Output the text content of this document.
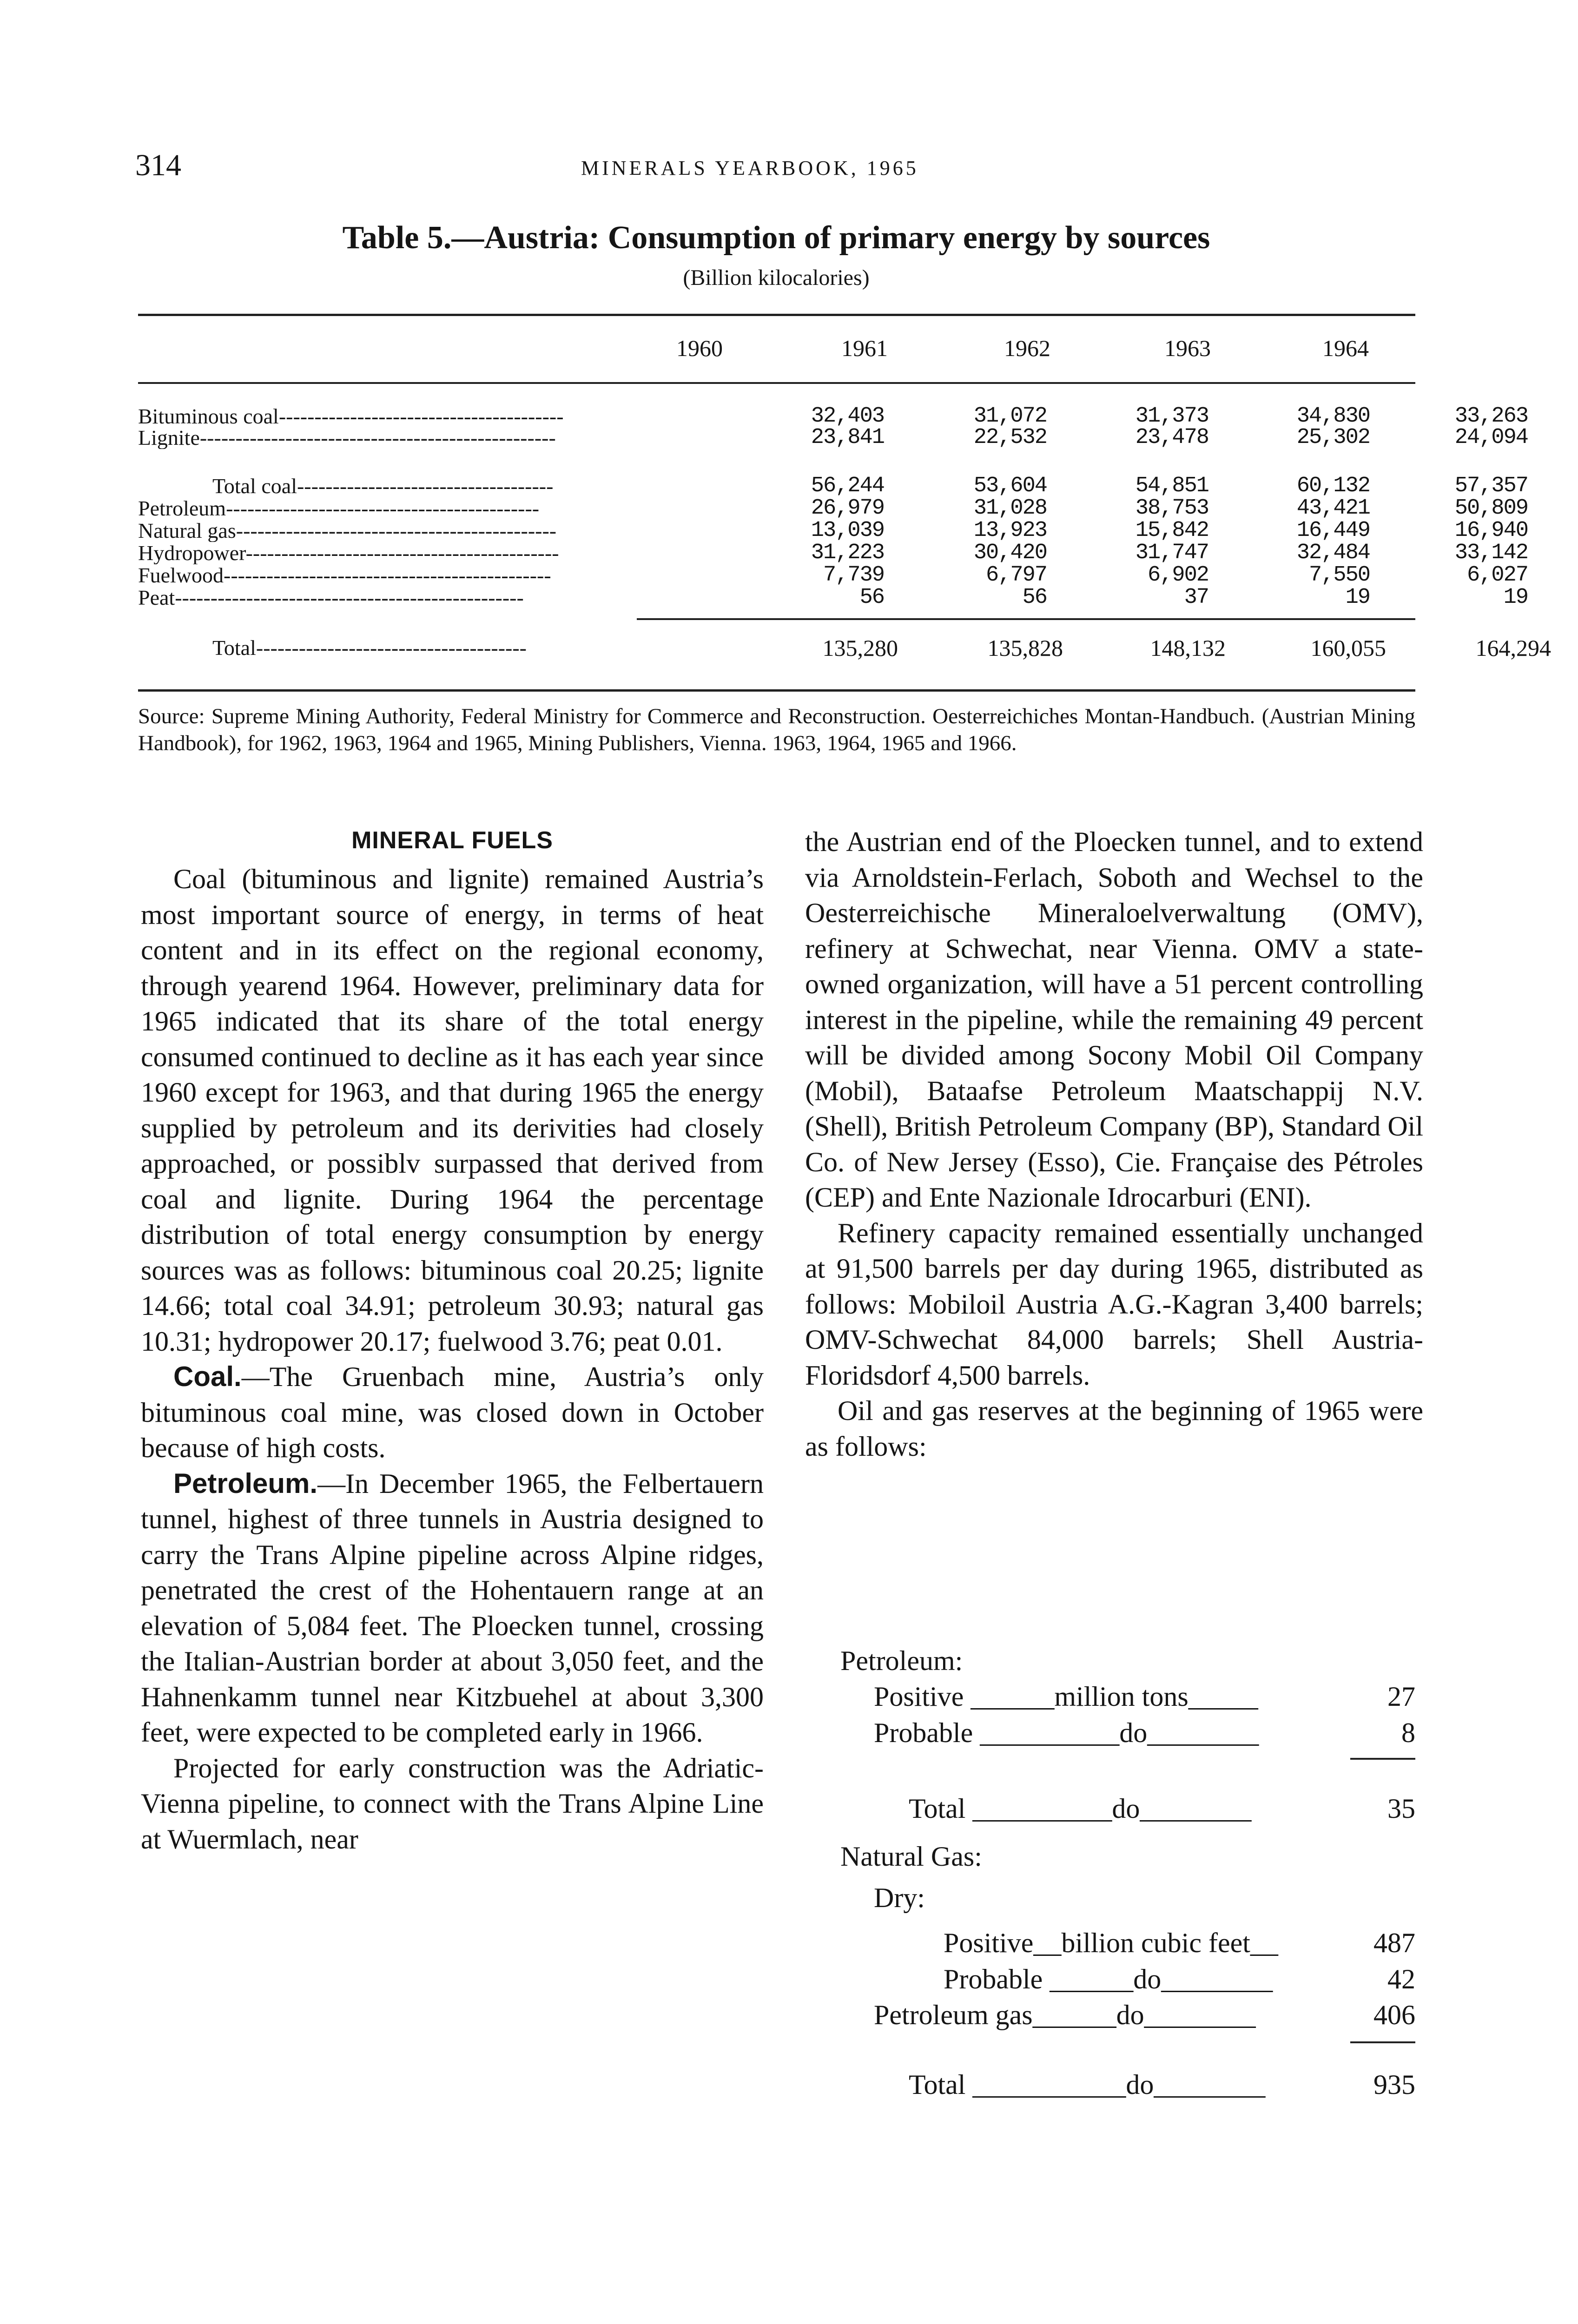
314	MINERALS YEARBOOK, 1965
Table 5.—Austria: Consumption of primary energy by sources
(Billion kilocalories)
1960	1961	1962	1963	1964
Bituminous coal----------------------------------------	32,403	31,072	31,373	34,830	33,263
Lignite--------------------------------------------------	23,841	22,532	23,478	25,302	24,094
Total coal------------------------------------	56,244	53,604	54,851	60,132	57,357
Petroleum--------------------------------------------	26,979	31,028	38,753	43,421	50,809
Natural gas---------------------------------------------	13,039	13,923	15,842	16,449	16,940
Hydropower--------------------------------------------	31,223	30,420	31,747	32,484	33,142
Fuelwood----------------------------------------------	7,739	6,797	6,902	7,550	6,027
Peat-------------------------------------------------	56	56	37	19	19
Total--------------------------------------	135,280	135,828	148,132	160,055	164,294
Source: Supreme Mining Authority, Federal Ministry for Commerce and Reconstruction. Oesterreichiches Montan-Handbuch. (Austrian Mining Handbook), for 1962, 1963, 1964 and 1965, Mining Publishers, Vienna. 1963, 1964, 1965 and 1966.
MINERAL FUELS

Coal (bituminous and lignite) remained Austria’s most important source of energy, in terms of heat content and in its effect on the regional economy, through yearend 1964. However, preliminary data for 1965 indicated that its share of the total energy consumed continued to decline as it has each year since 1960 except for 1963, and that during 1965 the energy supplied by petroleum and its derivities had closely approached, or possiblv surpassed that derived from coal and lignite. During 1964 the percentage distribution of total energy consumption by energy sources was as follows: bituminous coal 20.25; lignite 14.66; total coal 34.91; petroleum 30.93; natural gas 10.31; hydropower 20.17; fuelwood 3.76; peat 0.01.

Coal.—The Gruenbach mine, Austria’s only bituminous coal mine, was closed down in October because of high costs.

Petroleum.—In December 1965, the Felbertauern tunnel, highest of three tunnels in Austria designed to carry the Trans Alpine pipeline across Alpine ridges, penetrated the crest of the Hohentauern range at an elevation of 5,084 feet. The Ploecken tunnel, crossing the Italian-Austrian border at about 3,050 feet, and the Hahnenkamm tunnel near Kitzbuehel at about 3,300 feet, were expected to be completed early in 1966.

Projected for early construction was the Adriatic-Vienna pipeline, to connect with the Trans Alpine Line at Wuermlach, near

the Austrian end of the Ploecken tunnel, and to extend via Arnoldstein-Ferlach, Soboth and Wechsel to the Oesterreichische Mineraloelverwaltung (OMV), refinery at Schwechat, near Vienna. OMV a state-owned organization, will have a 51 percent controlling interest in the pipeline, while the remaining 49 percent will be divided among Socony Mobil Oil Company (Mobil), Bataafse Petroleum Maatschappij N.V. (Shell), British Petroleum Company (BP), Standard Oil Co. of New Jersey (Esso), Cie. Française des Pétroles (CEP) and Ente Nazionale Idrocarburi (ENI).

Refinery capacity remained essentially unchanged at 91,500 barrels per day during 1965, distributed as follows: Mobiloil Austria A.G.-Kagran 3,400 barrels; OMV-Schwechat 84,000 barrels; Shell Austria-Floridsdorf 4,500 barrels.

Oil and gas reserves at the beginning of 1965 were as follows:

Petroleum:
Positive ______million tons_____	27
Probable __________do________	8
Total __________do________	35
Natural Gas:
Dry:
Positive__billion cubic feet__	487
Probable ______do________	42
Petroleum gas______do________	406
Total ___________do________	935
